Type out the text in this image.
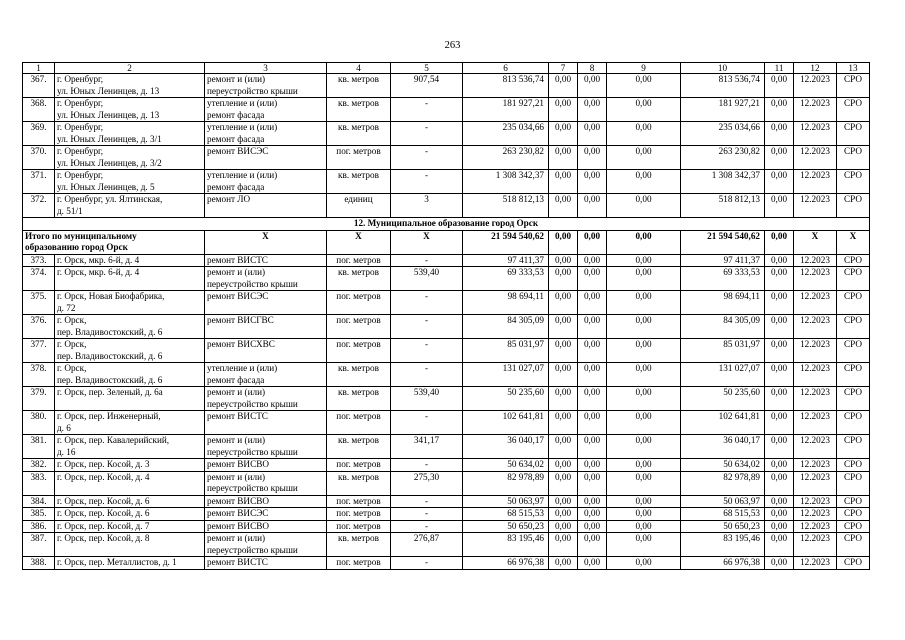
263
1	2	3	4	5	6	7	8	9	10	11	12	13
367.	г. Оренбург,
ул. Юных Ленинцев, д. 13	ремонт и (или)
переустройство крыши	кв. метров	907,54	813 536,74	0,00	0,00	0,00	813 536,74	0,00	12.2023	СРО
368.	г. Оренбург,
ул. Юных Ленинцев, д. 13	утепление и (или)
ремонт фасада	кв. метров	-	181 927,21	0,00	0,00	0,00	181 927,21	0,00	12.2023	СРО
369.	г. Оренбург,
ул. Юных Ленинцев, д. 3/1	утепление и (или)
ремонт фасада	кв. метров	-	235 034,66	0,00	0,00	0,00	235 034,66	0,00	12.2023	СРО
370.	г. Оренбург,
ул. Юных Ленинцев, д. 3/2	ремонт ВИСЭС	пог. метров	-	263 230,82	0,00	0,00	0,00	263 230,82	0,00	12.2023	СРО
371.	г. Оренбург,
ул. Юных Ленинцев, д. 5	утепление и (или)
ремонт фасада	кв. метров	-	1 308 342,37	0,00	0,00	0,00	1 308 342,37	0,00	12.2023	СРО
372.	г. Оренбург, ул. Ялтинская,
д. 51/1	ремонт ЛО	единиц	3	518 812,13	0,00	0,00	0,00	518 812,13	0,00	12.2023	СРО
12. Муниципальное образование город Орск												
Итого по муниципальному
образованию город Орск		X	X	X	21 594 540,62	0,00	0,00	0,00	21 594 540,62	0,00	X	X
373.	г. Орск, мкр. 6-й, д. 4	ремонт ВИСТС	пог. метров	-	97 411,37	0,00	0,00	0,00	97 411,37	0,00	12.2023	СРО
374.	г. Орск, мкр. 6-й, д. 4	ремонт и (или)
переустройство крыши	кв. метров	539,40	69 333,53	0,00	0,00	0,00	69 333,53	0,00	12.2023	СРО
375.	г. Орск, Новая Биофабрика,
д. 72	ремонт ВИСЭС	пог. метров	-	98 694,11	0,00	0,00	0,00	98 694,11	0,00	12.2023	СРО
376.	г. Орск,
пер. Владивостокский, д. 6	ремонт ВИСГВС	пог. метров	-	84 305,09	0,00	0,00	0,00	84 305,09	0,00	12.2023	СРО
377.	г. Орск,
пер. Владивостокский, д. 6	ремонт ВИСХВС	пог. метров	-	85 031,97	0,00	0,00	0,00	85 031,97	0,00	12.2023	СРО
378.	г. Орск,
пер. Владивостокский, д. 6	утепление и (или)
ремонт фасада	кв. метров	-	131 027,07	0,00	0,00	0,00	131 027,07	0,00	12.2023	СРО
379.	г. Орск, пер. Зеленый, д. 6а	ремонт и (или)
переустройство крыши	кв. метров	539,40	50 235,60	0,00	0,00	0,00	50 235,60	0,00	12.2023	СРО
380.	г. Орск, пер. Инженерный,
д. 6	ремонт ВИСТС	пог. метров	-	102 641,81	0,00	0,00	0,00	102 641,81	0,00	12.2023	СРО
381.	г. Орск, пер. Кавалерийский,
д. 16	ремонт и (или)
переустройство крыши	кв. метров	341,17	36 040,17	0,00	0,00	0,00	36 040,17	0,00	12.2023	СРО
382.	г. Орск, пер. Косой, д. 3	ремонт ВИСВО	пог. метров	-	50 634,02	0,00	0,00	0,00	50 634,02	0,00	12.2023	СРО
383.	г. Орск, пер. Косой, д. 4	ремонт и (или)
переустройство крыши	кв. метров	275,30	82 978,89	0,00	0,00	0,00	82 978,89	0,00	12.2023	СРО
384.	г. Орск, пер. Косой, д. 6	ремонт ВИСВО	пог. метров	-	50 063,97	0,00	0,00	0,00	50 063,97	0,00	12.2023	СРО
385.	г. Орск, пер. Косой, д. 6	ремонт ВИСЭС	пог. метров	-	68 515,53	0,00	0,00	0,00	68 515,53	0,00	12.2023	СРО
386.	г. Орск, пер. Косой, д. 7	ремонт ВИСВО	пог. метров	-	50 650,23	0,00	0,00	0,00	50 650,23	0,00	12.2023	СРО
387.	г. Орск, пер. Косой, д. 8	ремонт и (или)
переустройство крыши	кв. метров	276,87	83 195,46	0,00	0,00	0,00	83 195,46	0,00	12.2023	СРО
388.	г. Орск, пер. Металлистов, д. 1	ремонт ВИСТС	пог. метров	-	66 976,38	0,00	0,00	0,00	66 976,38	0,00	12.2023	СРО
